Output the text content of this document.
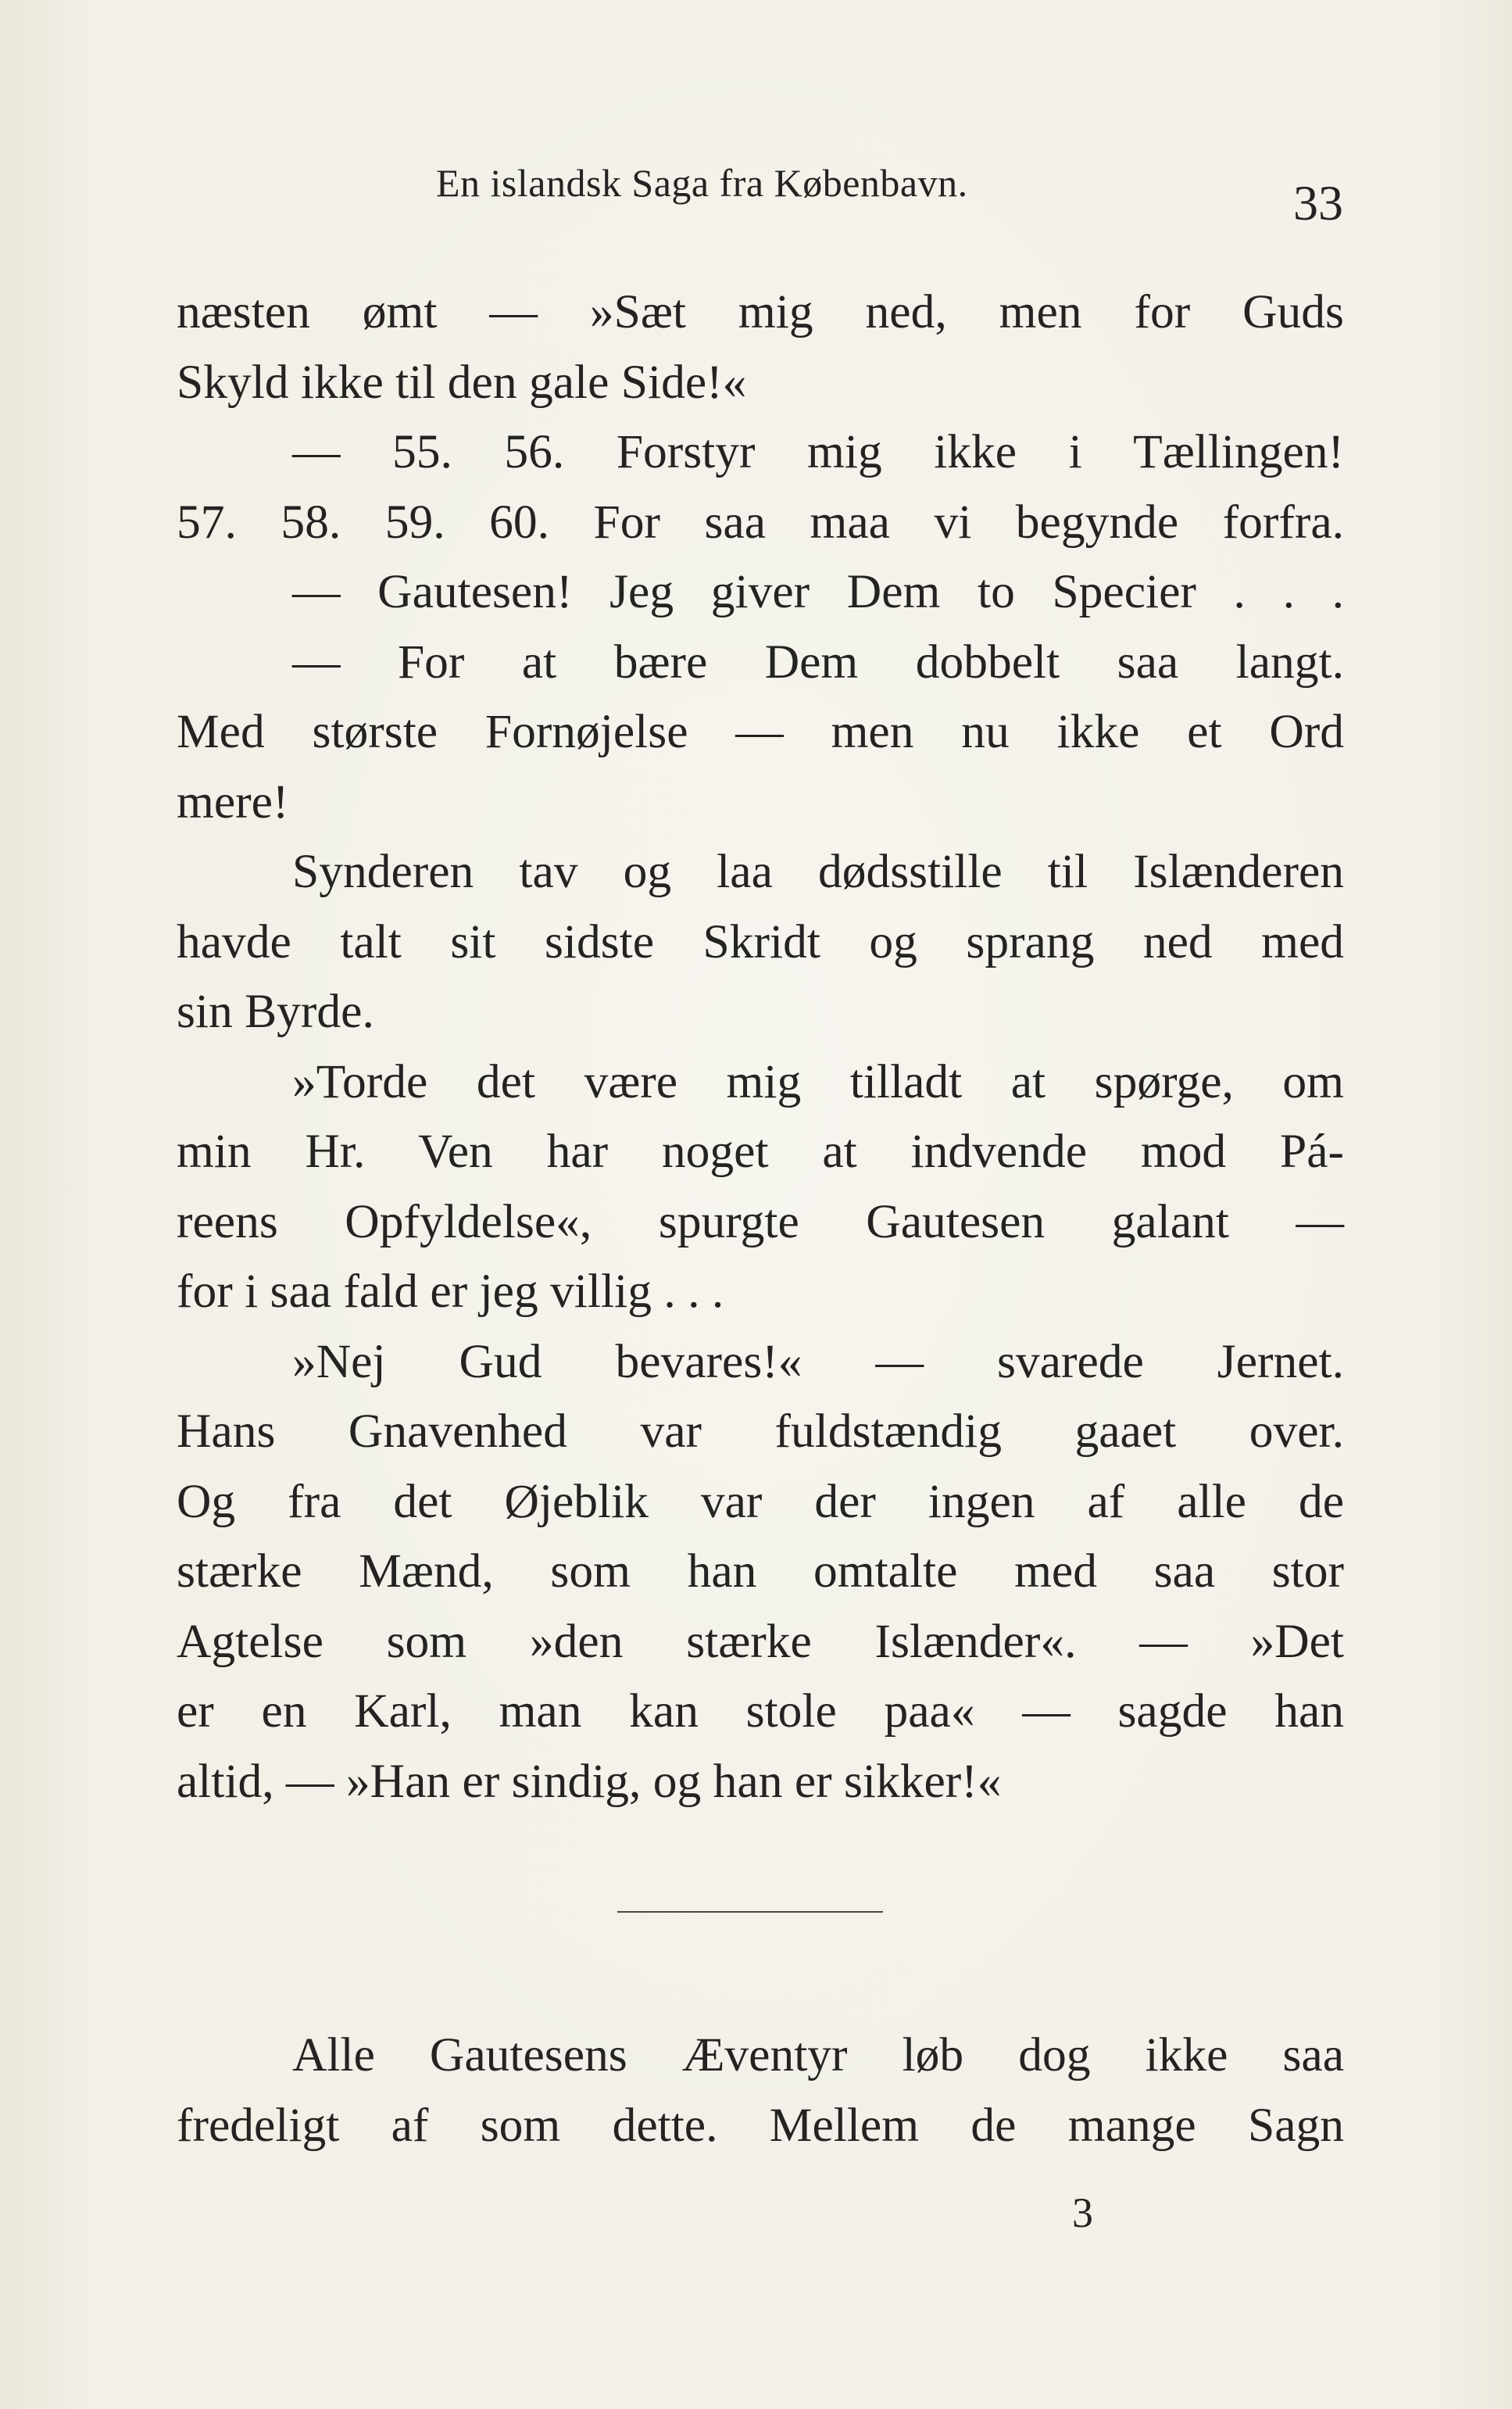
En islandsk Saga fra Købenbavn.	33
næsten ømt — »Sæt mig ned, men for Guds
Skyld ikke til den gale Side!«
— 55. 56. Forstyr mig ikke i Tællingen!
57. 58. 59. 60. For saa maa vi begynde forfra.
— Gautesen! Jeg giver Dem to Specier . . .
— For at bære Dem dobbelt saa langt.
Med største Fornøjelse — men nu ikke et Ord
mere!
Synderen tav og laa dødsstille til Islænderen
havde talt sit sidste Skridt og sprang ned med
sin Byrde.
»Torde det være mig tilladt at spørge, om
min Hr. Ven har noget at indvende mod Pá-
reens Opfyldelse«, spurgte Gautesen galant —
for i saa fald er jeg villig . . .
»Nej Gud bevares!« — svarede Jernet.
Hans Gnavenhed var fuldstændig gaaet over.
Og fra det Øjeblik var der ingen af alle de
stærke Mænd, som han omtalte med saa stor
Agtelse som »den stærke Islænder«. — »Det
er en Karl, man kan stole paa« — sagde han
altid, — »Han er sindig, og han er sikker!«
Alle Gautesens Æventyr løb dog ikke saa
fredeligt af som dette. Mellem de mange Sagn
3
